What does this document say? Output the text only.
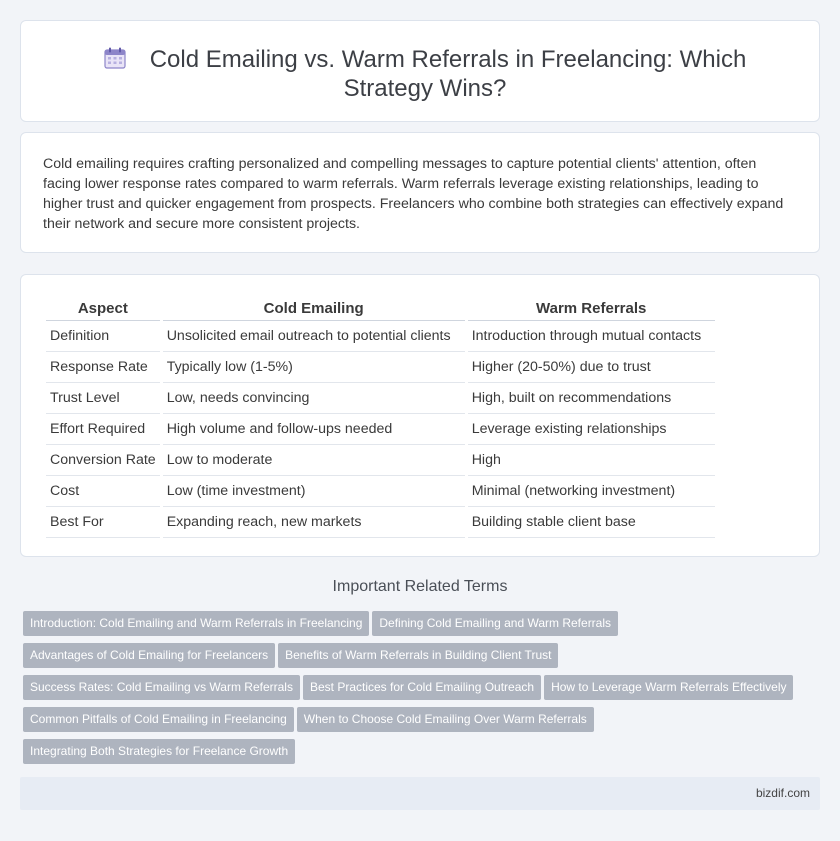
Cold Emailing vs. Warm Referrals in Freelancing: Which Strategy Wins?

Cold emailing requires crafting personalized and compelling messages to capture potential clients' attention, often facing lower response rates compared to warm referrals. Warm referrals leverage existing relationships, leading to higher trust and quicker engagement from prospects. Freelancers who combine both strategies can effectively expand their network and secure more consistent projects.

Aspect	Cold Emailing	Warm Referrals
Definition	Unsolicited email outreach to potential clients	Introduction through mutual contacts
Response Rate	Typically low (1-5%)	Higher (20-50%) due to trust
Trust Level	Low, needs convincing	High, built on recommendations
Effort Required	High volume and follow-ups needed	Leverage existing relationships
Conversion Rate	Low to moderate	High
Cost	Low (time investment)	Minimal (networking investment)
Best For	Expanding reach, new markets	Building stable client base
Important Related Terms
Introduction: Cold Emailing and Warm Referrals in Freelancing Defining Cold Emailing and Warm Referrals
Advantages of Cold Emailing for Freelancers Benefits of Warm Referrals in Building Client Trust
Success Rates: Cold Emailing vs Warm Referrals Best Practices for Cold Emailing Outreach How to Leverage Warm Referrals Effectively
Common Pitfalls of Cold Emailing in Freelancing When to Choose Cold Emailing Over Warm Referrals
Integrating Both Strategies for Freelance Growth
bizdif.com
